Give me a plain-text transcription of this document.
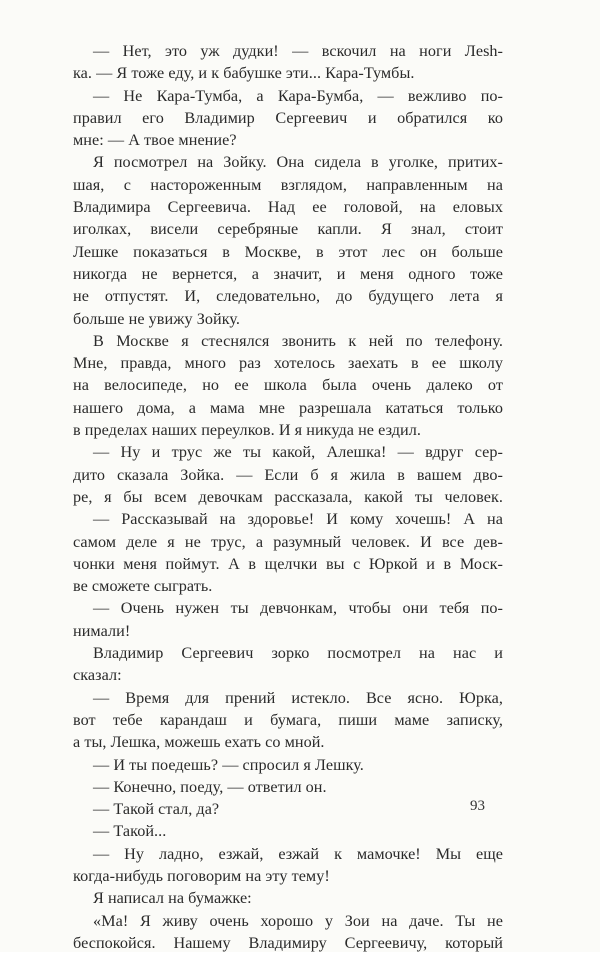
— Нет, это уж дудки! — вскочил на ноги Лesh-
ка. — Я тоже еду, и к бабушке эти... Кара-Тумбы.
— Не Кара-Тумба, а Кара-Бумба, — вежливо по-
правил его Владимир Сергеевич и обратился ко
мне: — А твое мнение?
Я посмотрел на Зойку. Она сидела в уголке, притих-
шая, с настороженным взглядом, направленным на
Владимира Сергеевича. Над ее головой, на еловых
иголках, висели серебряные капли. Я знал, стоит
Лешке показаться в Москве, в этот лес он больше
никогда не вернется, а значит, и меня одного тоже
не отпустят. И, следовательно, до будущего лета я
больше не увижу Зойку.
В Москве я стеснялся звонить к ней по телефону.
Мне, правда, много раз хотелось заехать в ее школу
на велосипеде, но ее школа была очень далеко от
нашего дома, а мама мне разрешала кататься только
в пределах наших переулков. И я никуда не ездил.
— Ну и трус же ты какой, Алешка! — вдруг сер-
дито сказала Зойка. — Если б я жила в вашем дво-
ре, я бы всем девочкам рассказала, какой ты человек.
— Рассказывай на здоровье! И кому хочешь! А на
самом деле я не трус, а разумный человек. И все дев-
чонки меня поймут. А в щелчки вы с Юркой и в Моск-
ве сможете сыграть.
— Очень нужен ты девчонкам, чтобы они тебя по-
нимали!
Владимир Сергеевич зорко посмотрел на нас и
сказал:
— Время для прений истекло. Все ясно. Юрка,
вот тебе карандаш и бумага, пиши маме записку,
а ты, Лешка, можешь ехать со мной.
— И ты поедешь? — спросил я Лешку.
— Конечно, поеду, — ответил он.
— Такой стал, да?
— Такой...
— Ну ладно, езжай, езжай к мамочке! Мы еще
когда-нибудь поговорим на эту тему!
Я написал на бумажке:
«Ма! Я живу очень хорошо у Зои на даче. Ты не
беспокойся. Нашему Владимиру Сергеевичу, который
93
